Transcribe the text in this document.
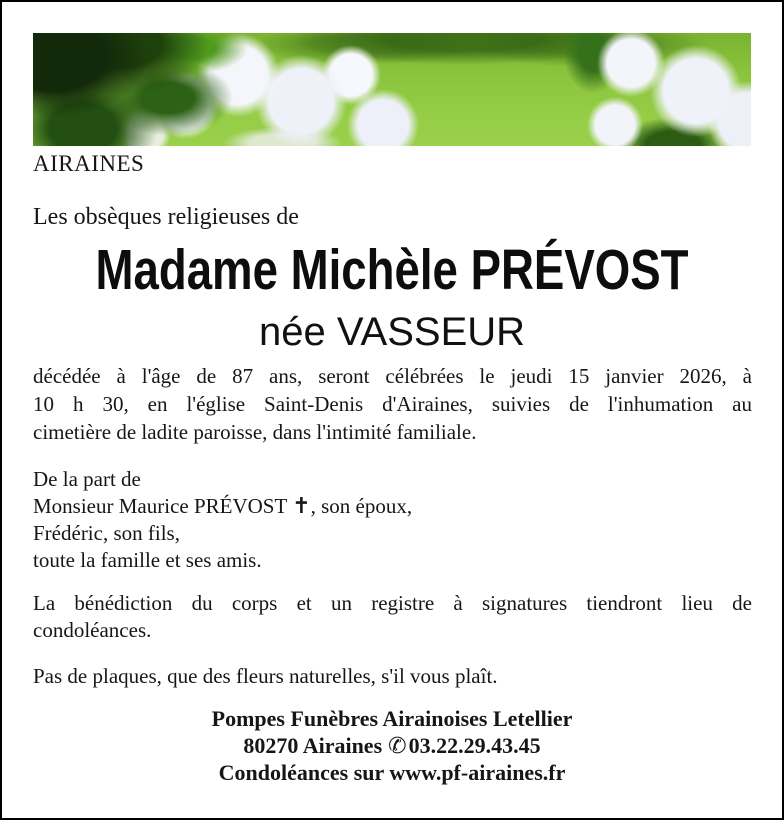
AIRAINES
Les obsèques religieuses de
Madame Michèle PRÉVOST
née VASSEUR
décédée à l'âge de 87 ans, seront célébrées le jeudi 15 janvier 2026, à
10 h 30, en l'église Saint-Denis d'Airaines, suivies de l'inhumation au
cimetière de ladite paroisse, dans l'intimité familiale.
De la part de
Monsieur Maurice PRÉVOST ✝, son époux,
Frédéric, son fils,
toute la famille et ses amis.
La bénédiction du corps et un registre à signatures tiendront lieu de
condoléances.
Pas de plaques, que des fleurs naturelles, s'il vous plaît.
Pompes Funèbres Airainoises Letellier
80270 Airaines ✆03.22.29.43.45
Condoléances sur www.pf-airaines.fr
